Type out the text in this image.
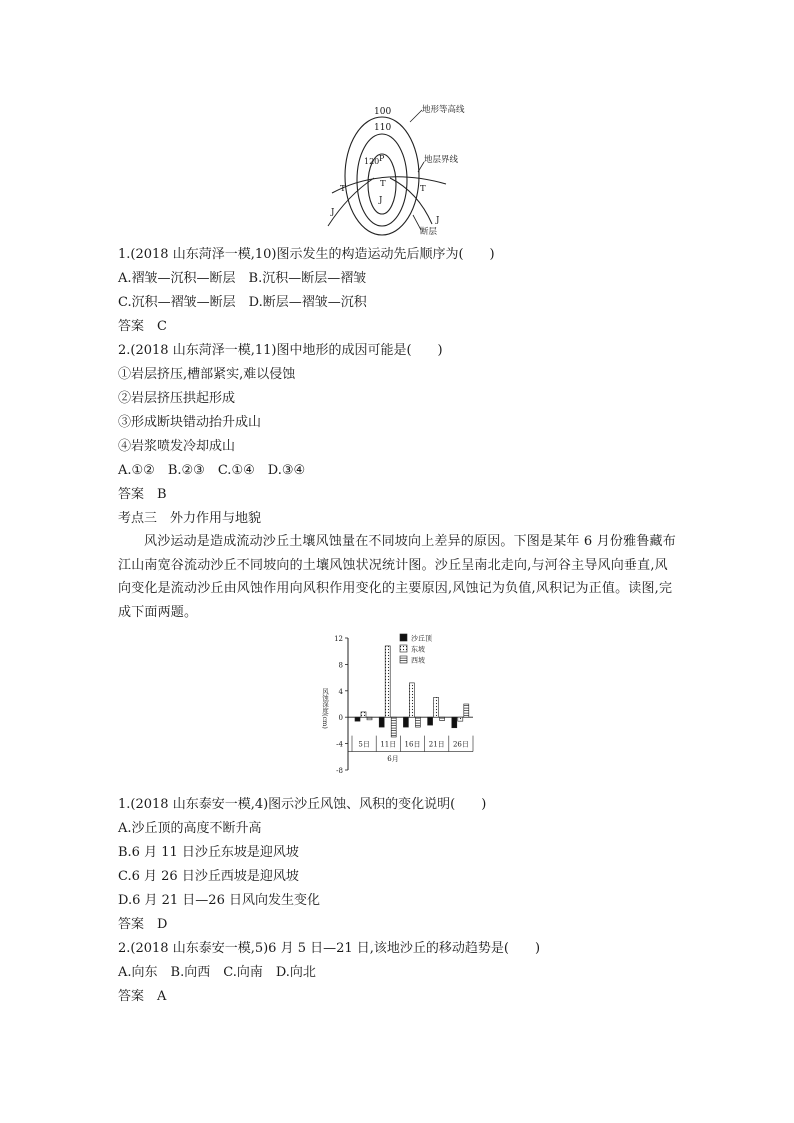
100
110
120 P
地形等高线
地层界线
断层
T	T	T
J
J
J
1.(2018 山东菏泽一模,10)图示发生的构造运动先后顺序为(　　)
A.褶皱—沉积—断层　B.沉积—断层—褶皱
C.沉积—褶皱—断层　D.断层—褶皱—沉积
答案　C
2.(2018 山东菏泽一模,11)图中地形的成因可能是(　　)
①岩层挤压,槽部紧实,难以侵蚀
②岩层挤压拱起形成
③形成断块错动抬升成山
④岩浆喷发冷却成山
A.①②　B.②③　C.①④　D.③④
答案　B
考点三　外力作用与地貌
风沙运动是造成流动沙丘土壤风蚀量在不同坡向上差异的原因。下图是某年 6 月份雅鲁藏布江山南宽谷流动沙丘不同坡向的土壤风蚀状况统计图。沙丘呈南北走向,与河谷主导风向垂直,风向变化是流动沙丘由风蚀作用向风积作用变化的主要原因,风蚀记为负值,风积记为正值。读图,完成下面两题。
12
8
4
0
-4
-8
风蚀深度(cm)
5日 11日 16日 21日 26日
6月
沙丘顶
东坡
西坡
1.(2018 山东泰安一模,4)图示沙丘风蚀、风积的变化说明(　　)
A.沙丘顶的高度不断升高
B.6 月 11 日沙丘东坡是迎风坡
C.6 月 26 日沙丘西坡是迎风坡
D.6 月 21 日—26 日风向发生变化
答案　D
2.(2018 山东泰安一模,5)6 月 5 日—21 日,该地沙丘的移动趋势是(　　)
A.向东　B.向西　C.向南　D.向北
答案　A
